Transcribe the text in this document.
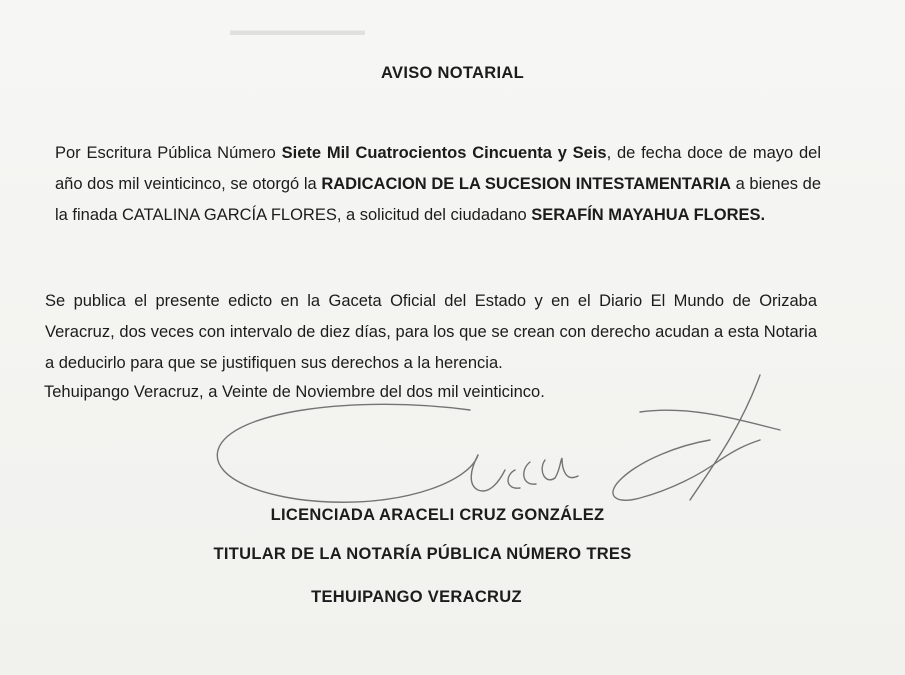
▬▬▬▬▬▬▬▬▬
AVISO NOTARIAL
Por Escritura Pública Número Siete Mil Cuatrocientos Cincuenta y Seis, de fecha doce de mayo del año dos mil veinticinco, se otorgó la RADICACION DE LA SUCESION INTESTAMENTARIA a bienes de la finada CATALINA GARCÍA FLORES, a solicitud del ciudadano SERAFÍN MAYAHUA FLORES.
Se publica el presente edicto en la Gaceta Oficial del Estado y en el Diario El Mundo de Orizaba Veracruz, dos veces con intervalo de diez días, para los que se crean con derecho acudan a esta Notaria a deducirlo para que se justifiquen sus derechos a la herencia.
Tehuipango Veracruz, a Veinte de Noviembre del dos mil veinticinco.
LICENCIADA ARACELI CRUZ GONZÁLEZ
TITULAR DE LA NOTARÍA PÚBLICA NÚMERO TRES
TEHUIPANGO VERACRUZ
